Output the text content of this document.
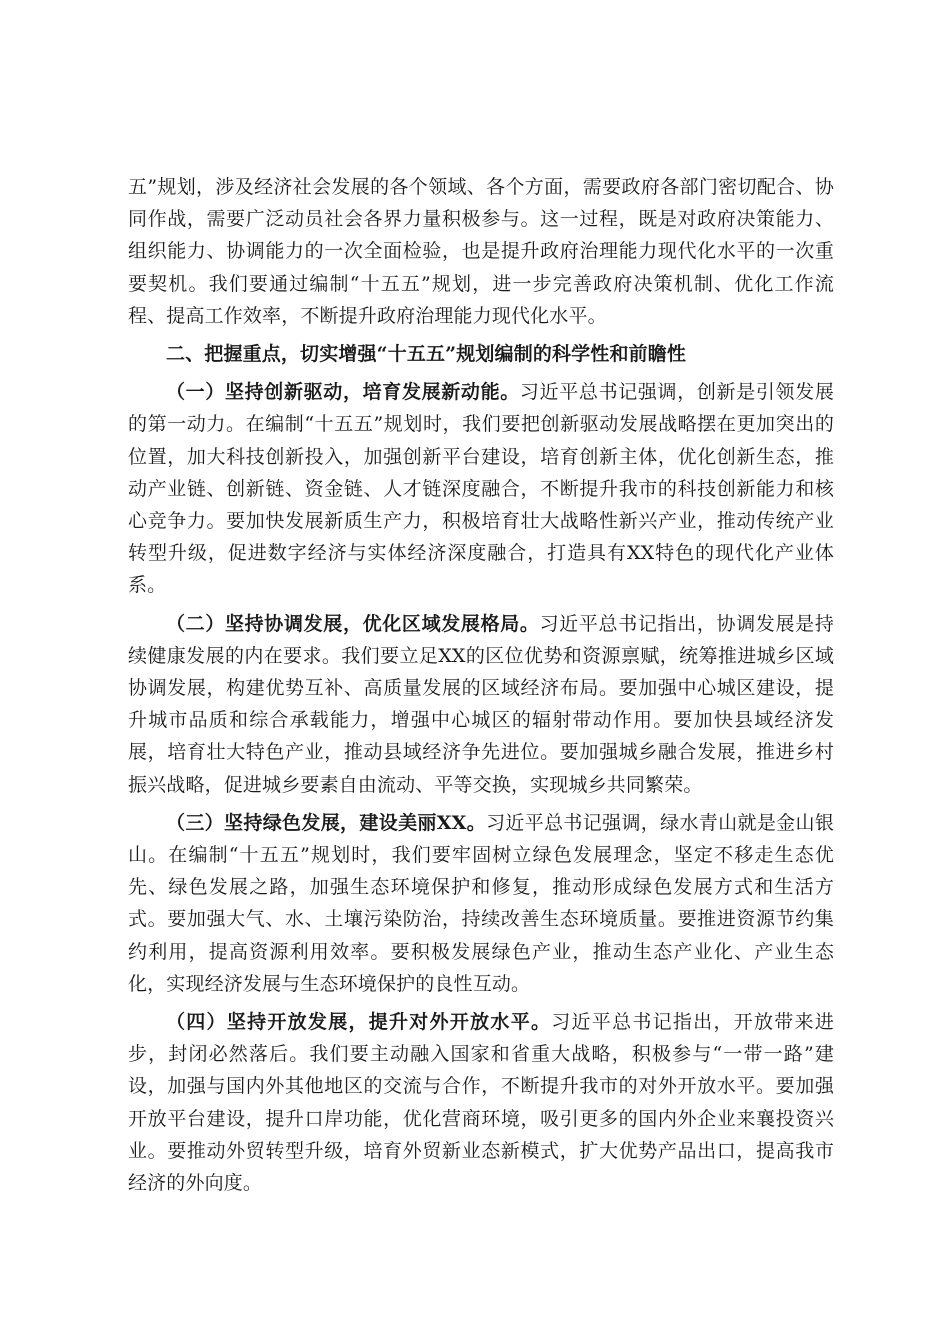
五”规划，涉及经济社会发展的各个领域、各个方面，需要政府各部门密切配合、协同作战，需要广泛动员社会各界力量积极参与。这一过程，既是对政府决策能力、组织能力、协调能力的一次全面检验，也是提升政府治理能力现代化水平的一次重要契机。我们要通过编制“十五五”规划，进一步完善政府决策机制、优化工作流程、提高工作效率，不断提升政府治理能力现代化水平。

二、把握重点，切实增强“十五五”规划编制的科学性和前瞻性

（一）坚持创新驱动，培育发展新动能。习近平总书记强调，创新是引领发展的第一动力。在编制“十五五”规划时，我们要把创新驱动发展战略摆在更加突出的位置，加大科技创新投入，加强创新平台建设，培育创新主体，优化创新生态，推动产业链、创新链、资金链、人才链深度融合，不断提升我市的科技创新能力和核心竞争力。要加快发展新质生产力，积极培育壮大战略性新兴产业，推动传统产业转型升级，促进数字经济与实体经济深度融合，打造具有XX特色的现代化产业体系。

（二）坚持协调发展，优化区域发展格局。习近平总书记指出，协调发展是持续健康发展的内在要求。我们要立足XX的区位优势和资源禀赋，统筹推进城乡区域协调发展，构建优势互补、高质量发展的区域经济布局。要加强中心城区建设，提升城市品质和综合承载能力，增强中心城区的辐射带动作用。要加快县域经济发展，培育壮大特色产业，推动县域经济争先进位。要加强城乡融合发展，推进乡村振兴战略，促进城乡要素自由流动、平等交换，实现城乡共同繁荣。

（三）坚持绿色发展，建设美丽XX。习近平总书记强调，绿水青山就是金山银山。在编制“十五五”规划时，我们要牢固树立绿色发展理念，坚定不移走生态优先、绿色发展之路，加强生态环境保护和修复，推动形成绿色发展方式和生活方式。要加强大气、水、土壤污染防治，持续改善生态环境质量。要推进资源节约集约利用，提高资源利用效率。要积极发展绿色产业，推动生态产业化、产业生态化，实现经济发展与生态环境保护的良性互动。

（四）坚持开放发展，提升对外开放水平。习近平总书记指出，开放带来进步，封闭必然落后。我们要主动融入国家和省重大战略，积极参与“一带一路”建设，加强与国内外其他地区的交流与合作，不断提升我市的对外开放水平。要加强开放平台建设，提升口岸功能，优化营商环境，吸引更多的国内外企业来襄投资兴业。要推动外贸转型升级，培育外贸新业态新模式，扩大优势产品出口，提高我市经济的外向度。
